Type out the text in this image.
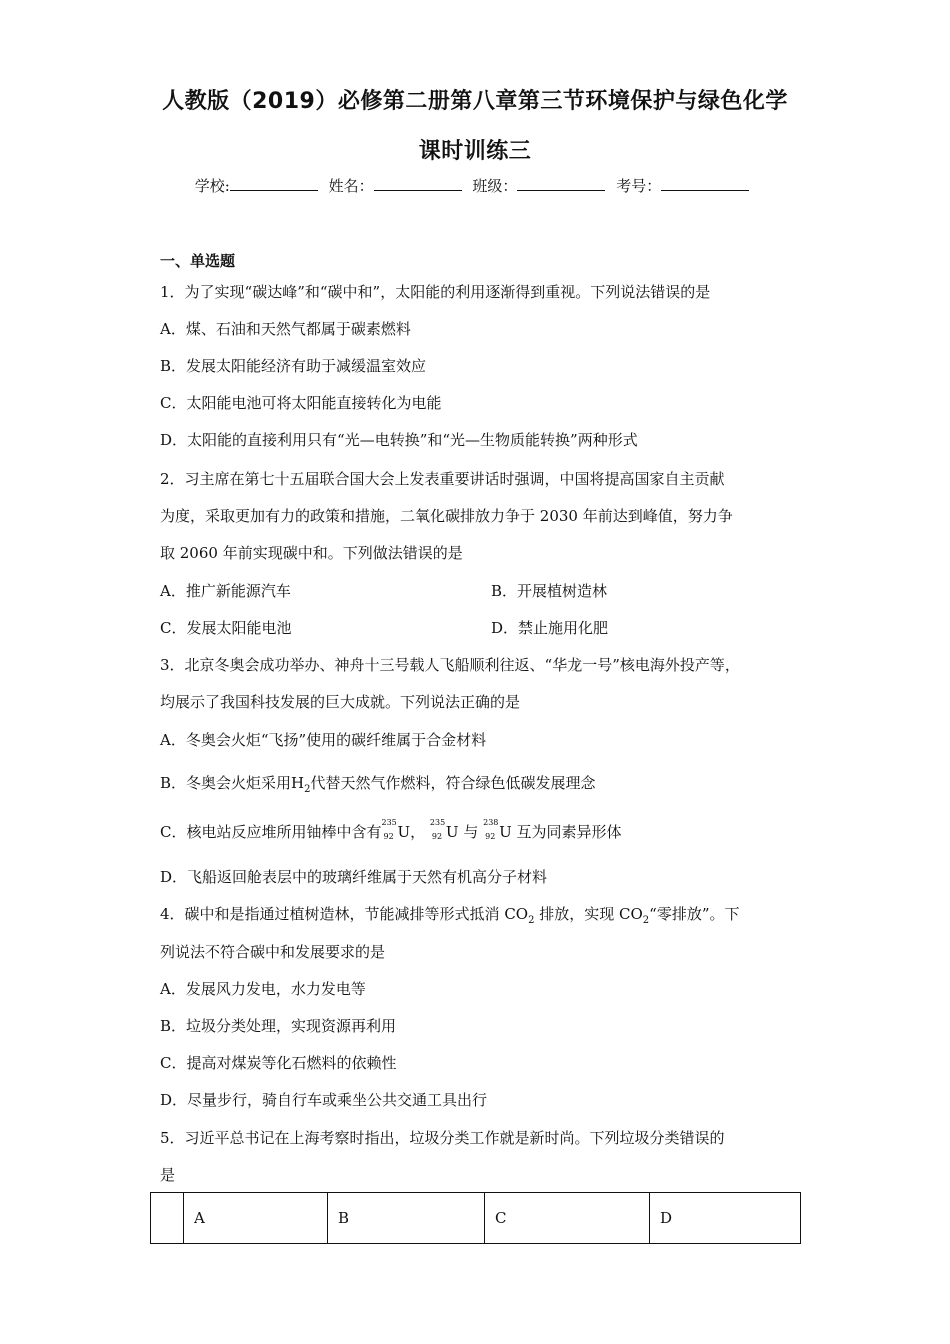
人教版（2019）必修第二册第八章第三节环境保护与绿色化学
课时训练三
学校:	姓名：	班级：	考号：
一、单选题
1．为了实现“碳达峰”和“碳中和”，太阳能的利用逐渐得到重视。下列说法错误的是
A．煤、石油和天然气都属于碳素燃料
B．发展太阳能经济有助于减缓温室效应
C．太阳能电池可将太阳能直接转化为电能
D．太阳能的直接利用只有“光—电转换”和“光—生物质能转换”两种形式
2．习主席在第七十五届联合国大会上发表重要讲话时强调，中国将提高国家自主贡献
为度，采取更加有力的政策和措施，二氧化碳排放力争于 2030 年前达到峰值，努力争
取 2060 年前实现碳中和。下列做法错误的是
A．推广新能源汽车	B．开展植树造林
C．发展太阳能电池	D．禁止施用化肥
3．北京冬奥会成功举办、神舟十三号载人飞船顺利往返、“华龙一号”核电海外投产等，
均展示了我国科技发展的巨大成就。下列说法正确的是
A．冬奥会火炬“飞扬”使用的碳纤维属于合金材料
B．冬奥会火炬采用$H_2$代替天然气作燃料，符合绿色低碳发展理念
C．核电站反应堆所用铀棒中含有
235
92 U，
235
92 U 与
238
92 U 互为同素异形体
D．飞船返回舱表层中的玻璃纤维属于天然有机高分子材料
4．碳中和是指通过植树造林，节能减排等形式抵消 $CO_2$ 排放，实现 $CO_2“$零排放”。下
列说法不符合碳中和发展要求的是
A．发展风力发电，水力发电等
B．垃圾分类处理，实现资源再利用
C．提高对煤炭等化石燃料的依赖性
D．尽量步行，骑自行车或乘坐公共交通工具出行
5．习近平总书记在上海考察时指出，垃圾分类工作就是新时尚。下列垃圾分类错误的
是
	A	B	C	D
